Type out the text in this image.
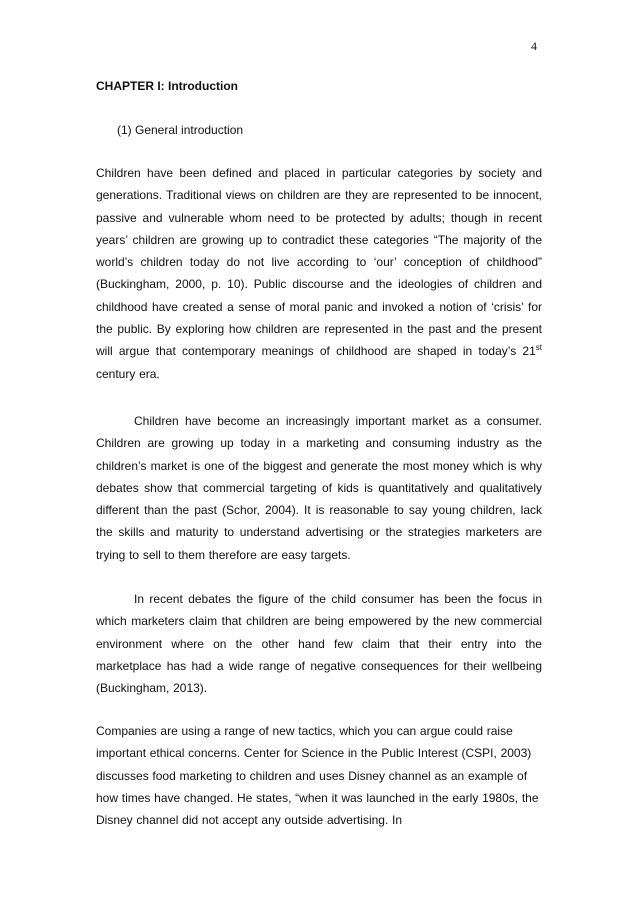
4
CHAPTER I: Introduction
(1) General introduction

Children have been defined and placed in particular categories by society and generations. Traditional views on children are they are represented to be innocent, passive and vulnerable whom need to be protected by adults; though in recent years’ children are growing up to contradict these categories “The majority of the world’s children today do not live according to ‘our’ conception of childhood” (Buckingham, 2000, p. 10). Public discourse and the ideologies of children and childhood have created a sense of moral panic and invoked a notion of ‘crisis’ for the public. By exploring how children are represented in the past and the present will argue that contemporary meanings of childhood are shaped in today’s 21st century era.

Children have become an increasingly important market as a consumer. Children are growing up today in a marketing and consuming industry as the children’s market is one of the biggest and generate the most money which is why debates show that commercial targeting of kids is quantitatively and qualitatively different than the past (Schor, 2004). It is reasonable to say young children, lack the skills and maturity to understand advertising or the strategies marketers are trying to sell to them therefore are easy targets.

In recent debates the figure of the child consumer has been the focus in which marketers claim that children are being empowered by the new commercial environment where on the other hand few claim that their entry into the marketplace has had a wide range of negative consequences for their wellbeing (Buckingham, 2013).

Companies are using a range of new tactics, which you can argue could raise important ethical concerns. Center for Science in the Public Interest (CSPI, 2003) discusses food marketing to children and uses Disney channel as an example of how times have changed. He states, “when it was launched in the early 1980s, the Disney channel did not accept any outside advertising. In
